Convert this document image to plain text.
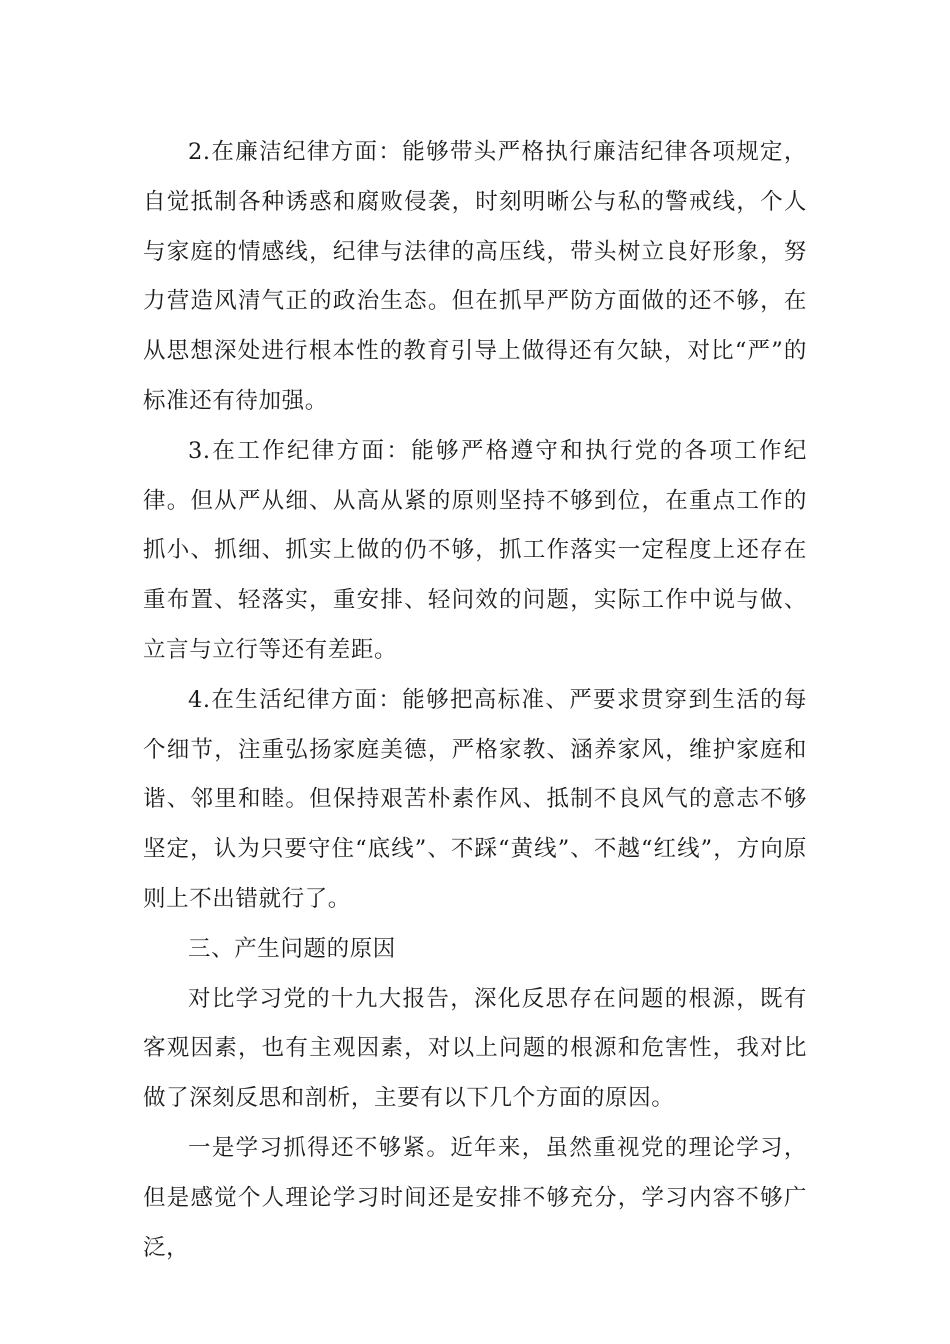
2.在廉洁纪律方面：能够带头严格执行廉洁纪律各项规定，自觉抵制各种诱惑和腐败侵袭，时刻明晰公与私的警戒线，个人与家庭的情感线，纪律与法律的高压线，带头树立良好形象，努力营造风清气正的政治生态。但在抓早严防方面做的还不够，在从思想深处进行根本性的教育引导上做得还有欠缺，对比“严”的标准还有待加强。

3.在工作纪律方面：能够严格遵守和执行党的各项工作纪律。但从严从细、从高从紧的原则坚持不够到位，在重点工作的抓小、抓细、抓实上做的仍不够，抓工作落实一定程度上还存在重布置、轻落实，重安排、轻问效的问题，实际工作中说与做、立言与立行等还有差距。

4.在生活纪律方面：能够把高标准、严要求贯穿到生活的每个细节，注重弘扬家庭美德，严格家教、涵养家风，维护家庭和谐、邻里和睦。但保持艰苦朴素作风、抵制不良风气的意志不够坚定，认为只要守住“底线”、不踩“黄线”、不越“红线”，方向原则上不出错就行了。

三、产生问题的原因

对比学习党的十九大报告，深化反思存在问题的根源，既有客观因素，也有主观因素，对以上问题的根源和危害性，我对比做了深刻反思和剖析，主要有以下几个方面的原因。

一是学习抓得还不够紧。近年来，虽然重视党的理论学习，但是感觉个人理论学习时间还是安排不够充分，学习内容不够广泛，
